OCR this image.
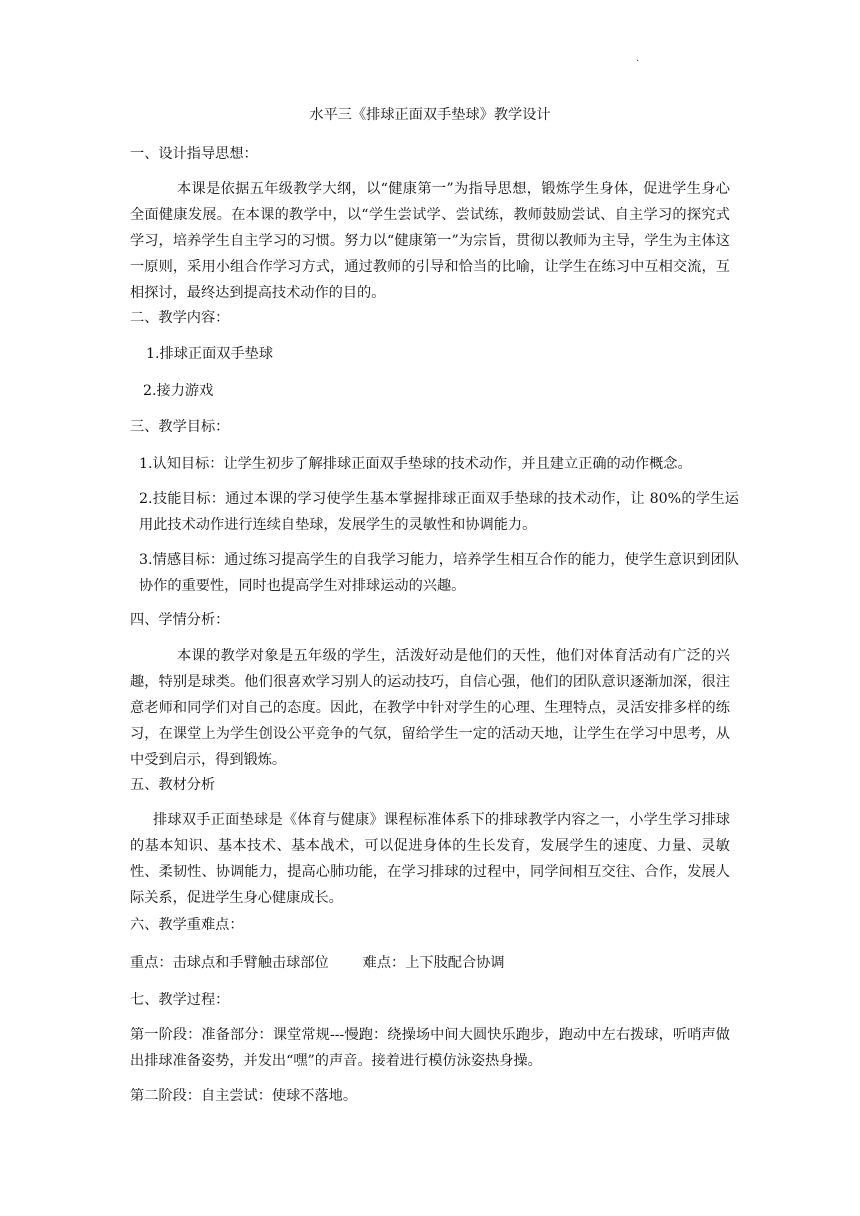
·
水平三《排球正面双手垫球》教学设计
一、设计指导思想：
本课是依据五年级教学大纲，以“健康第一”为指导思想，锻炼学生身体，促进学生身心全面健康发展。在本课的教学中，以“学生尝试学、尝试练，教师鼓励尝试、自主学习的探究式学习，培养学生自主学习的习惯。努力以“健康第一”为宗旨，贯彻以教师为主导，学生为主体这一原则，采用小组合作学习方式，通过教师的引导和恰当的比喻，让学生在练习中互相交流，互相探讨，最终达到提高技术动作的目的。
二、教学内容：
1.排球正面双手垫球
2.接力游戏
三、教学目标：
1.认知目标：让学生初步了解排球正面双手垫球的技术动作，并且建立正确的动作概念。
2.技能目标：通过本课的学习使学生基本掌握排球正面双手垫球的技术动作，让 80%的学生运用此技术动作进行连续自垫球，发展学生的灵敏性和协调能力。
3.情感目标：通过练习提高学生的自我学习能力，培养学生相互合作的能力，使学生意识到团队协作的重要性，同时也提高学生对排球运动的兴趣。
四、学情分析：
本课的教学对象是五年级的学生，活泼好动是他们的天性，他们对体育活动有广泛的兴趣，特别是球类。他们很喜欢学习别人的运动技巧，自信心强，他们的团队意识逐渐加深，很注意老师和同学们对自己的态度。因此，在教学中针对学生的心理、生理特点，灵活安排多样的练习，在课堂上为学生创设公平竞争的气氛，留给学生一定的活动天地，让学生在学习中思考，从中受到启示，得到锻炼。
五、教材分析
排球双手正面垫球是《体育与健康》课程标准体系下的排球教学内容之一，小学生学习排球的基本知识、基本技术、基本战术，可以促进身体的生长发育，发展学生的速度、力量、灵敏性、柔韧性、协调能力，提高心肺功能，在学习排球的过程中，同学间相互交往、合作，发展人际关系，促进学生身心健康成长。
六、教学重难点：
重点：击球点和手臂触击球部位 难点：上下肢配合协调
七、教学过程：
第一阶段：准备部分：课堂常规---慢跑：绕操场中间大圆快乐跑步，跑动中左右拨球，听哨声做出排球准备姿势，并发出“嘿”的声音。接着进行模仿泳姿热身操。
第二阶段：自主尝试：使球不落地。
